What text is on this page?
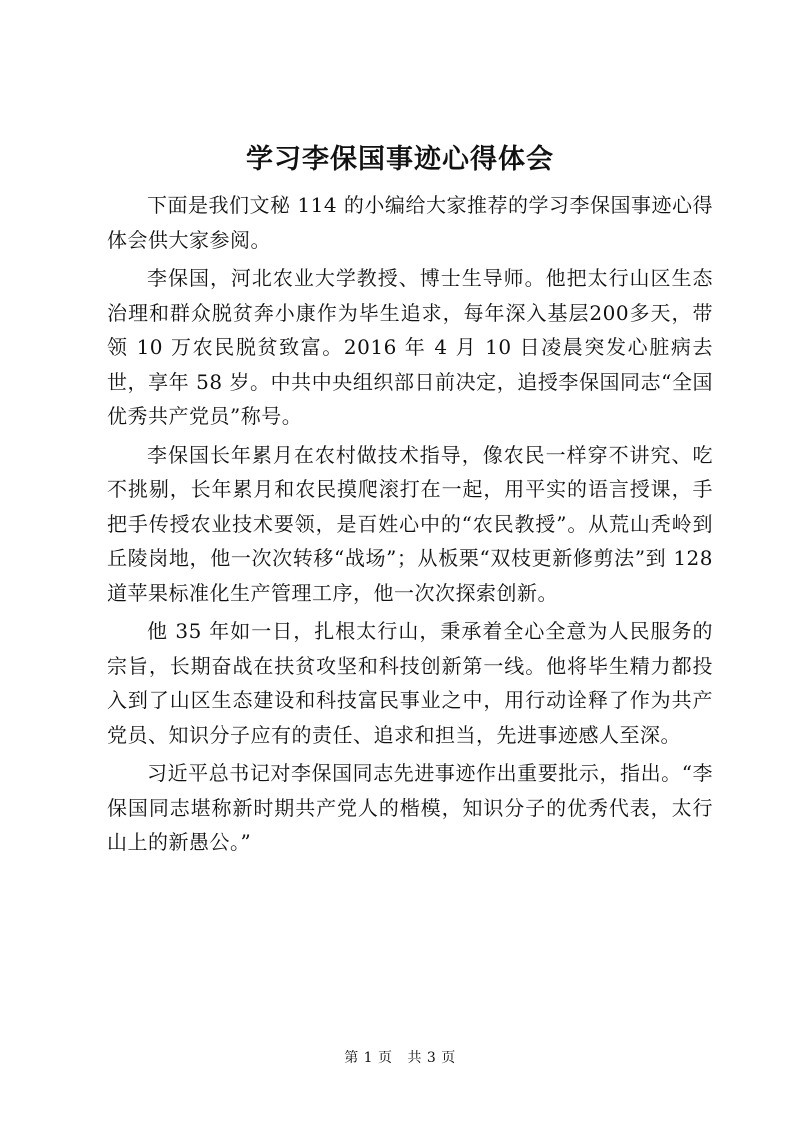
学习李保国事迹心得体会

下面是我们文秘 114 的小编给大家推荐的学习李保国事迹心得体会供大家参阅。

李保国，河北农业大学教授、博士生导师。他把太行山区生态治理和群众脱贫奔小康作为毕生追求，每年深入基层200多天，带领 10 万农民脱贫致富。2016 年 4 月 10 日凌晨突发心脏病去世，享年 58 岁。中共中央组织部日前决定，追授李保国同志“全国优秀共产党员”称号。

李保国长年累月在农村做技术指导，像农民一样穿不讲究、吃不挑剔，长年累月和农民摸爬滚打在一起，用平实的语言授课，手把手传授农业技术要领，是百姓心中的“农民教授”。从荒山秃岭到丘陵岗地，他一次次转移“战场”；从板栗“双枝更新修剪法”到 128 道苹果标准化生产管理工序，他一次次探索创新。

他 35 年如一日，扎根太行山，秉承着全心全意为人民服务的宗旨，长期奋战在扶贫攻坚和科技创新第一线。他将毕生精力都投入到了山区生态建设和科技富民事业之中，用行动诠释了作为共产党员、知识分子应有的责任、追求和担当，先进事迹感人至深。

习近平总书记对李保国同志先进事迹作出重要批示，指出。“李保国同志堪称新时期共产党人的楷模，知识分子的优秀代表，太行山上的新愚公。”

第 1 页 共 3 页
